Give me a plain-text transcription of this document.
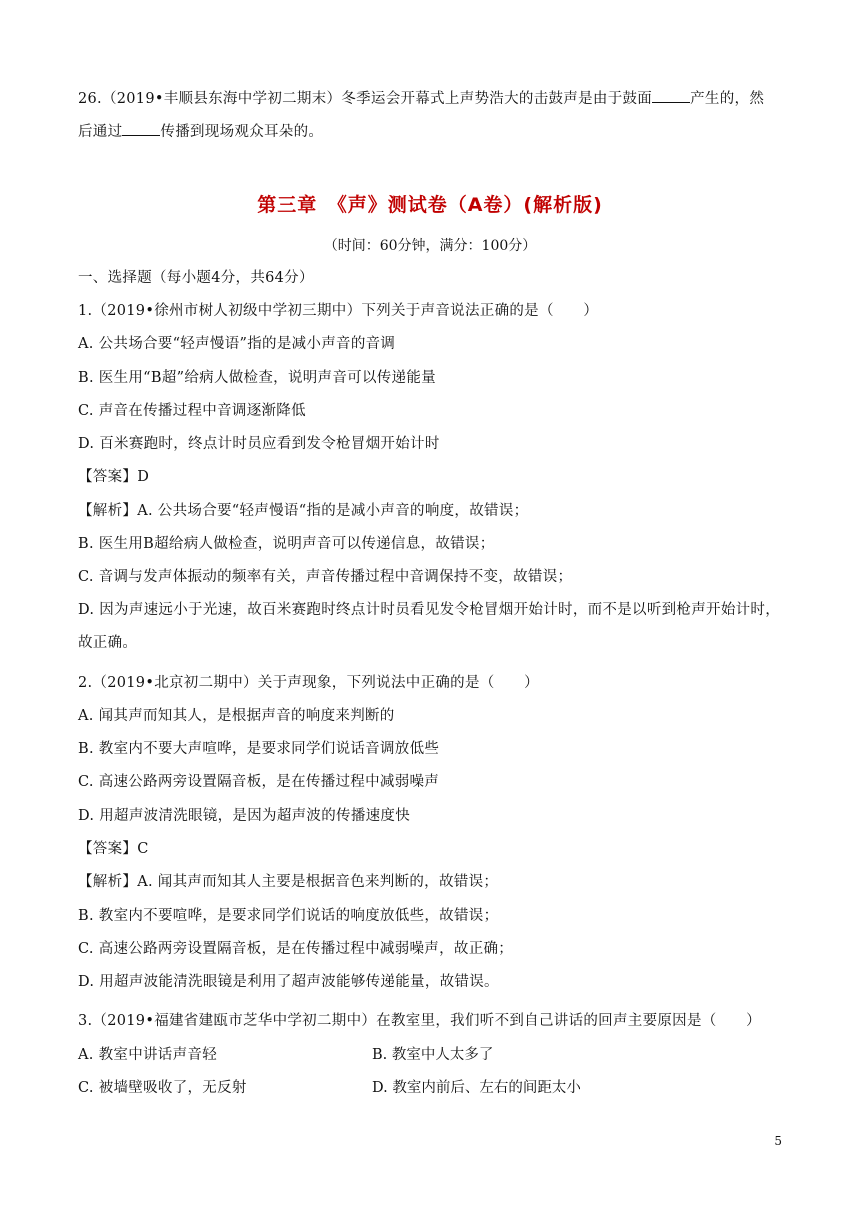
26.（2019•丰顺县东海中学初二期末）冬季运会开幕式上声势浩大的击鼓声是由于鼓面	产生的，然
后通过	传播到现场观众耳朵的。
第三章　《声》测试卷（A卷）(解析版)
（时间：60分钟，满分：100分）
一、选择题（每小题4分，共64分）
1.（2019•徐州市树人初级中学初三期中）下列关于声音说法正确的是（　　）
A. 公共场合要“轻声慢语”指的是减小声音的音调
B. 医生用“B超”给病人做检查，说明声音可以传递能量
C. 声音在传播过程中音调逐渐降低
D. 百米赛跑时，终点计时员应看到发令枪冒烟开始计时
【答案】D
【解析】A. 公共场合要“轻声慢语“指的是减小声音的响度，故错误；
B. 医生用B超给病人做检查，说明声音可以传递信息，故错误；
C. 音调与发声体振动的频率有关，声音传播过程中音调保持不变，故错误；
D. 因为声速远小于光速，故百米赛跑时终点计时员看见发令枪冒烟开始计时，而不是以听到枪声开始计时，
故正确。
2.（2019•北京初二期中）关于声现象，下列说法中正确的是（　　）
A. 闻其声而知其人，是根据声音的响度来判断的
B. 教室内不要大声喧哗，是要求同学们说话音调放低些
C. 高速公路两旁设置隔音板，是在传播过程中减弱噪声
D. 用超声波清洗眼镜，是因为超声波的传播速度快
【答案】C
【解析】A. 闻其声而知其人主要是根据音色来判断的，故错误；
B. 教室内不要喧哗，是要求同学们说话的响度放低些，故错误；
C. 高速公路两旁设置隔音板，是在传播过程中减弱噪声，故正确；
D. 用超声波能清洗眼镜是利用了超声波能够传递能量，故错误。
3.（2019•福建省建瓯市芝华中学初二期中）在教室里，我们听不到自己讲话的回声主要原因是（　　）
A. 教室中讲话声音轻	B. 教室中人太多了
C. 被墙壁吸收了，无反射	D. 教室内前后、左右的间距太小
5
